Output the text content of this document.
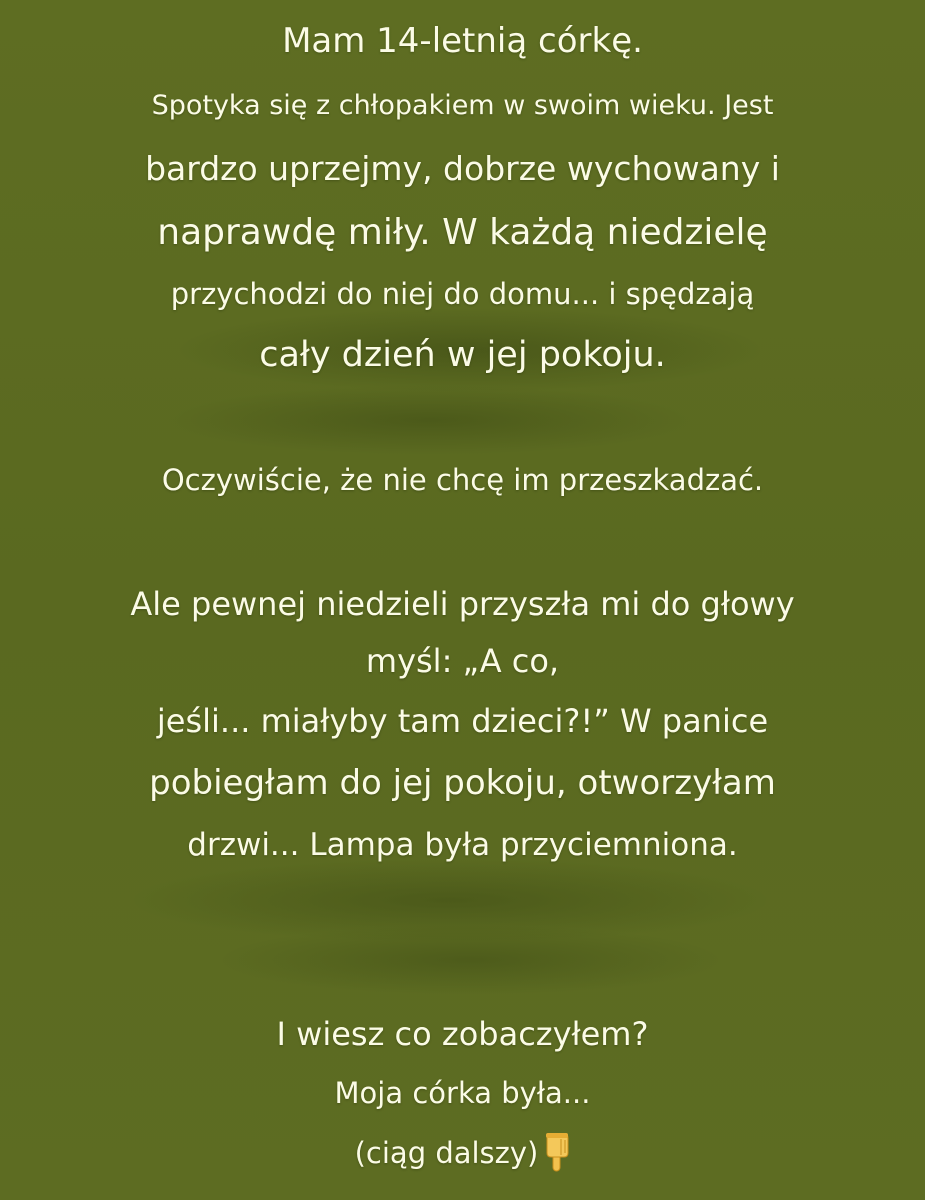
Mam 14-letnią córkę.
Spotyka się z chłopakiem w swoim wieku. Jest
bardzo uprzejmy, dobrze wychowany i
naprawdę miły. W każdą niedzielę
przychodzi do niej do domu... i spędzają
cały dzień w jej pokoju.
Oczywiście, że nie chcę im przeszkadzać.
Ale pewnej niedzieli przyszła mi do głowy
myśl: „A co,
jeśli... miałyby tam dzieci?!” W panice
pobiegłam do jej pokoju, otworzyłam
drzwi... Lampa była przyciemniona.
I wiesz co zobaczyłem?
Moja córka była...
(ciąg dalszy)
